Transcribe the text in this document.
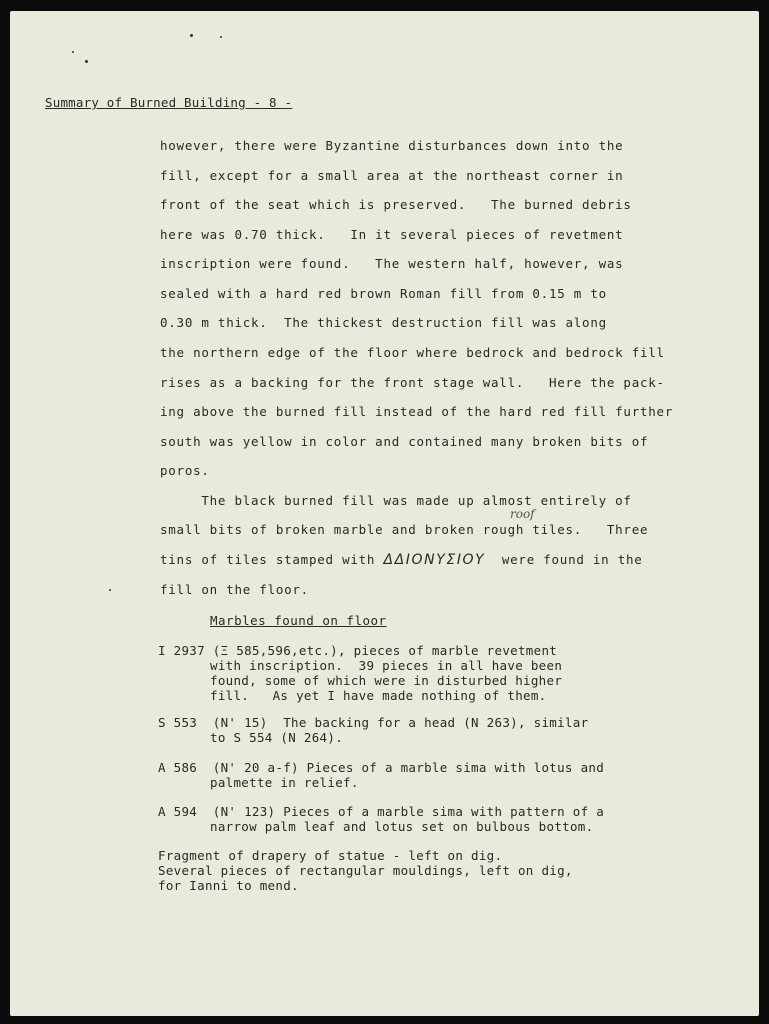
Summary of Burned Building - 8 -
however, there were Byzantine disturbances down into the
fill, except for a small area at the northeast corner in
front of the seat which is preserved.   The burned debris
here was 0.70 thick.   In it several pieces of revetment
inscription were found.   The western half, however, was
sealed with a hard red brown Roman fill from 0.15 m to
0.30 m thick.  The thickest destruction fill was along
the northern edge of the floor where bedrock and bedrock fill
rises as a backing for the front stage wall.   Here the pack-
ing above the burned fill instead of the hard red fill further
south was yellow in color and contained many broken bits of
poros.
The black burned fill was made up almost entirely of
small bits of broken marble and broken rough tiles.   Three
tins of tiles stamped with ΔΔΙΟΝΥΣΙΟΥ  were found in the
fill on the floor.
roof
Marbles found on floor
I 2937 (Ξ 585,596,etc.), pieces of marble revetment
with inscription.  39 pieces in all have been
found, some of which were in disturbed higher
fill.   As yet I have made nothing of them.
S 553  (N' 15)  The backing for a head (N 263), similar
to S 554 (N 264).
A 586  (N' 20 a-f) Pieces of a marble sima with lotus and
palmette in relief.
A 594  (N' 123) Pieces of a marble sima with pattern of a
narrow palm leaf and lotus set on bulbous bottom.
Fragment of drapery of statue - left on dig.
Several pieces of rectangular mouldings, left on dig,
for Ianni to mend.
